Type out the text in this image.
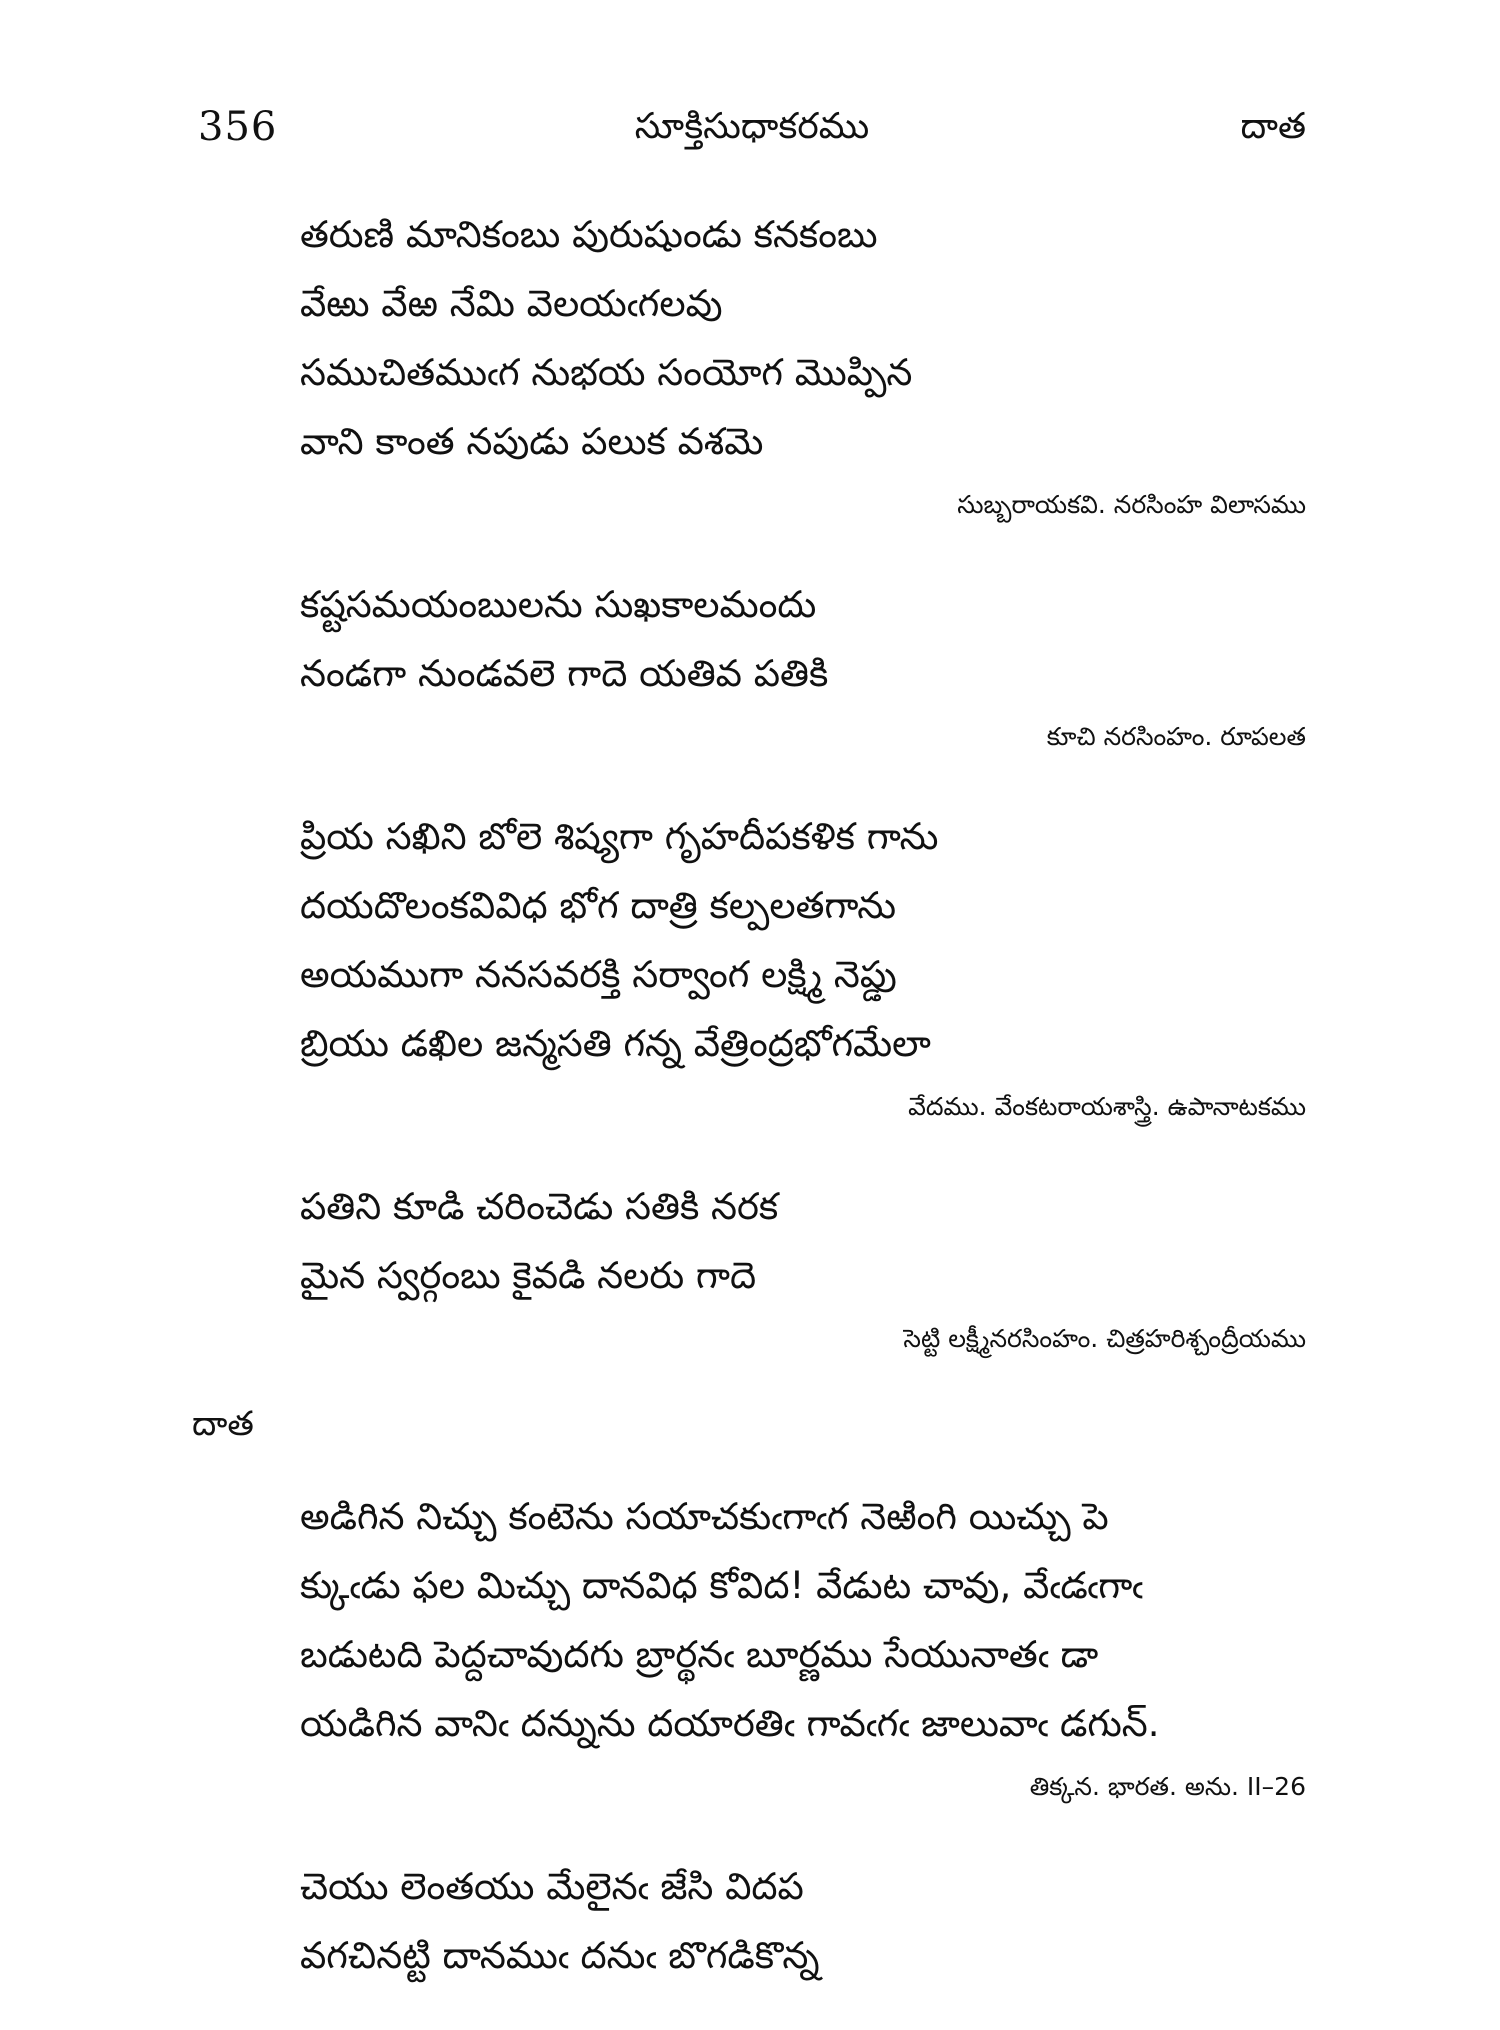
356	సూక్తిసుధాకరము	దాత
తరుణి మానికంబు పురుషుండు కనకంబు
వేఱు వేఱ నేమి వెలయఁగలవు
సముచితముఁగ నుభయ సంయోగ మొప్పిన
వాని కాంత నపుడు పలుక వశమె
సుబ్బరాయకవి. నరసింహ విలాసము
కష్టసమయంబులను సుఖకాలమందు
నండగా నుండవలె గాదె యతివ పతికి
కూచి నరసింహం. రూపలత
ప్రియ సఖిని బోలె శిష్యగా గృహదీపకళిక గాను
దయదొలంకవివిధ భోగ దాత్రి కల్పలతగాను
అయముగా ననసవరక్తి సర్వాంగ లక్ష్మి నెప్డు
బ్రియు డఖిల జన్మసతి గన్న వేత్రింద్రభోగమేలా
వేదము. వేంకటరాయశాస్త్రి. ఉపానాటకము
పతిని కూడి చరించెడు సతికి నరక
మైన స్వర్గంబు కైవడి నలరు గాదె
సెట్టి లక్ష్మీనరసింహం. చిత్రహరిశ్చంద్రీయము
దాత
అడిగిన నిచ్చు కంటెను సయాచకుఁగాఁగ నెఱింగి యిచ్చు పె
క్కుఁడు ఫల మిచ్చు దానవిధ కోవిద! వేడుట చావు, వేఁడఁగాఁ
బడుటది పెద్దచావుదగు బ్రార్థనఁ బూర్ణము సేయునాతఁ డా
యడిగిన వానిఁ దన్నును దయారతిఁ గావఁగఁ జాలువాఁ డగున్.
తిక్కన. భారత. అను. II–26
చెయు లెంతయు మేలైనఁ జేసి విదప
వగచినట్టి దానముఁ దనుఁ బొగడికొన్న
